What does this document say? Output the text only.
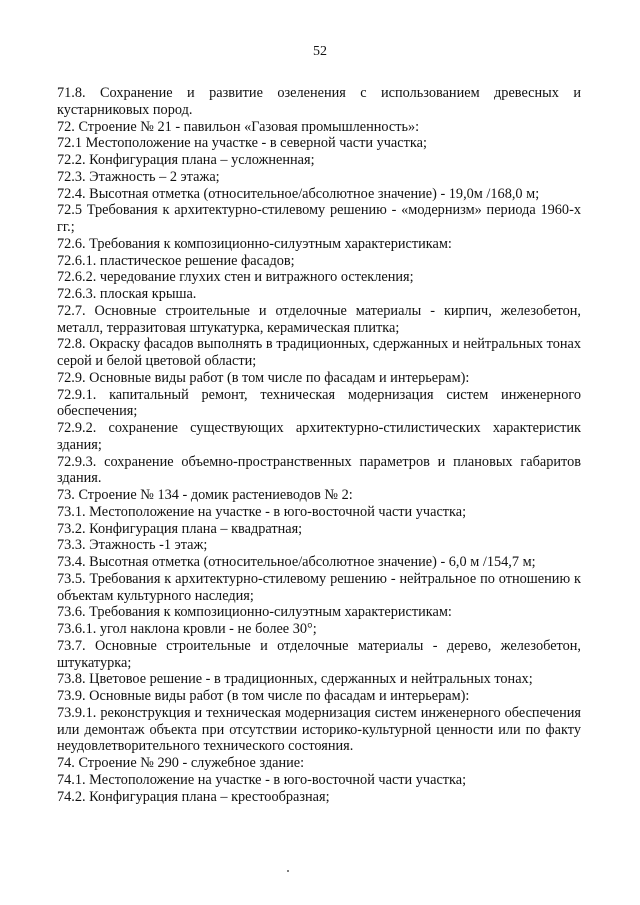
52

71.8. Сохранение и развитие озеленения с использованием древесных и кустарниковых пород.

72. Строение № 21 - павильон «Газовая промышленность»:

72.1 Местоположение на участке - в северной части участка;

72.2. Конфигурация плана – усложненная;

72.3. Этажность – 2 этажа;

72.4. Высотная отметка (относительное/абсолютное значение) - 19,0м /168,0 м;

72.5 Требования к архитектурно-стилевому решению - «модернизм» периода 1960-х гг.;

72.6. Требования к композиционно-силуэтным характеристикам:

72.6.1. пластическое решение фасадов;

72.6.2. чередование глухих стен и витражного остекления;

72.6.3. плоская крыша.

72.7. Основные строительные и отделочные материалы - кирпич, железобетон, металл, терразитовая штукатурка, керамическая плитка;

72.8. Окраску фасадов выполнять в традиционных, сдержанных и нейтральных тонах серой и белой цветовой области;

72.9. Основные виды работ (в том числе по фасадам и интерьерам):

72.9.1. капитальный ремонт, техническая модернизация систем инженерного обеспечения;

72.9.2. сохранение существующих архитектурно-стилистических характеристик здания;

72.9.3. сохранение объемно-пространственных параметров и плановых габаритов здания.

73. Строение № 134 - домик растениеводов № 2:

73.1. Местоположение на участке - в юго-восточной части участка;

73.2. Конфигурация плана – квадратная;

73.3. Этажность -1 этаж;

73.4. Высотная отметка (относительное/абсолютное значение) - 6,0 м /154,7 м;

73.5. Требования к архитектурно-стилевому решению - нейтральное по отношению к объектам культурного наследия;

73.6. Требования к композиционно-силуэтным характеристикам:

73.6.1. угол наклона кровли - не более 30°;

73.7. Основные строительные и отделочные материалы - дерево, железобетон, штукатурка;

73.8. Цветовое решение - в традиционных, сдержанных и нейтральных тонах;

73.9. Основные виды работ (в том числе по фасадам и интерьерам):

73.9.1. реконструкция и техническая модернизация систем инженерного обеспечения или демонтаж объекта при отсутствии историко-культурной ценности или по факту неудовлетворительного технического состояния.

74. Строение № 290 - служебное здание:

74.1. Местоположение на участке - в юго-восточной части участка;

74.2. Конфигурация плана – крестообразная;
